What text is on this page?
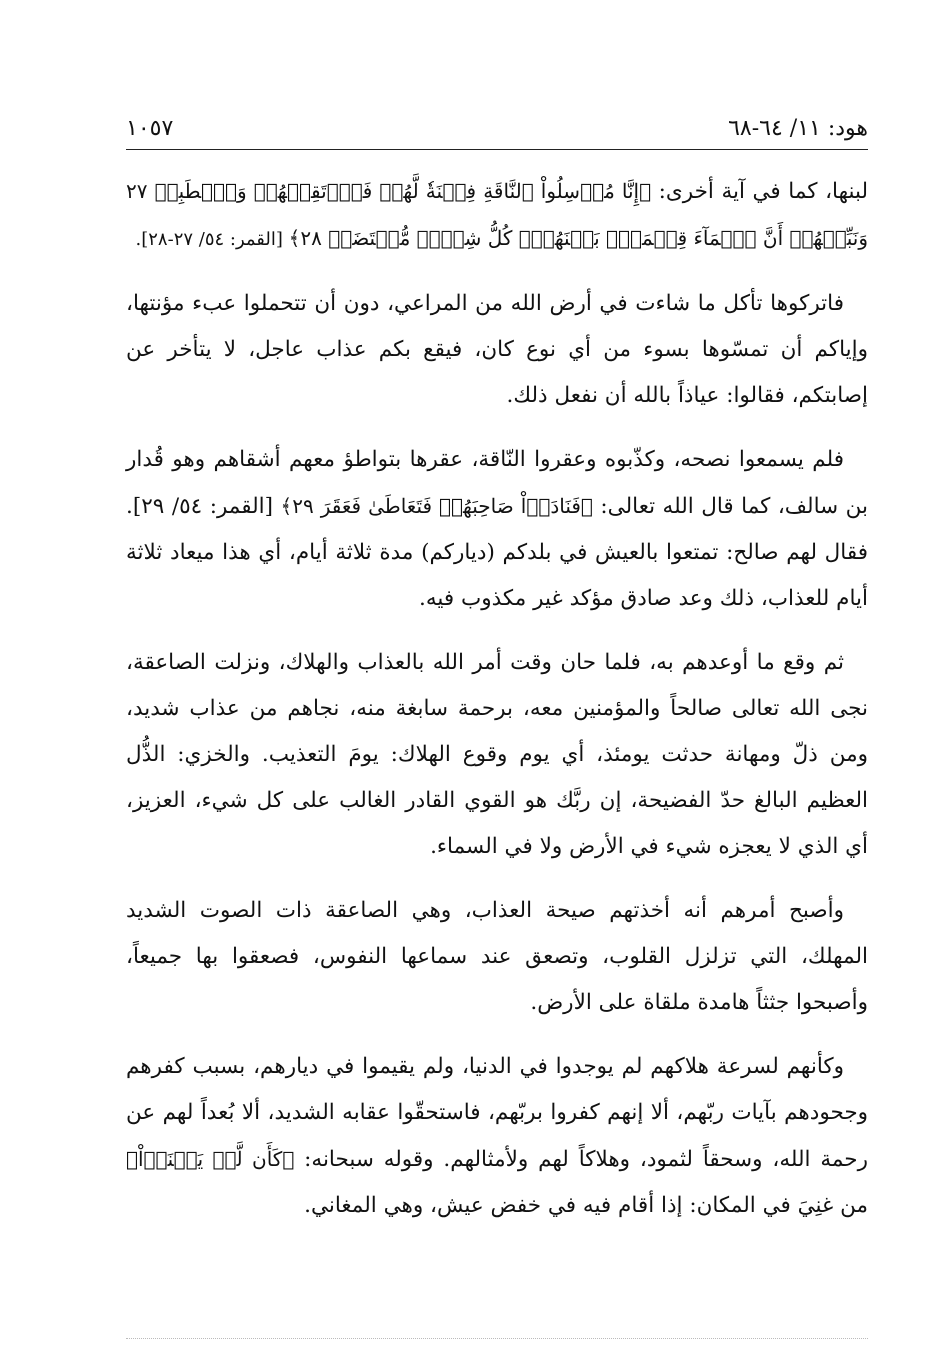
هود: ١١/ ٦٤-٦٨
١٠٥٧

لبنها، كما في آية أخرى: ﴿إِنَّا مُرۡسِلُواْ ٱلنَّاقَةِ فِتۡنَةٗ لَّهُمۡ فَٱرۡتَقِبۡهُمۡ وَٱصۡطَبِرۡ ٢٧ وَنَبِّئۡهُمۡ أَنَّ ٱلۡمَآءَ قِسۡمَةُۢ بَيۡنَهُمۡۖ كُلُّ شِرۡبٖ مُّحۡتَضَرٞ ٢٨﴾ [القمر: ٥٤/ ٢٧-٢٨].

فاتركوها تأكل ما شاءت في أرض الله من المراعي، دون أن تتحملوا عبء مؤنتها، وإياكم أن تمسّوها بسوء من أي نوع كان، فيقع بكم عذاب عاجل، لا يتأخر عن إصابتكم، فقالوا: عياذاً بالله أن نفعل ذلك.

فلم يسمعوا نصحه، وكذّبوه وعقروا النّاقة، عقرها بتواطؤ معهم أشقاهم وهو قُدار بن سالف، كما قال الله تعالى: ﴿فَنَادَوۡاْ صَاحِبَهُمۡ فَتَعَاطَىٰ فَعَقَرَ ٢٩﴾ [القمر: ٥٤/ ٢٩]. فقال لهم صالح: تمتعوا بالعيش في بلدكم (دياركم) مدة ثلاثة أيام، أي هذا ميعاد ثلاثة أيام للعذاب، ذلك وعد صادق مؤكد غير مكذوب فيه.

ثم وقع ما أوعدهم به، فلما حان وقت أمر الله بالعذاب والهلاك، ونزلت الصاعقة، نجى الله تعالى صالحاً والمؤمنين معه، برحمة سابغة منه، نجاهم من عذاب شديد، ومن ذلّ ومهانة حدثت يومئذ، أي يوم وقوع الهلاك: يومَ التعذيب. والخزي: الذُّل العظيم البالغ حدّ الفضيحة، إن ربَّك هو القوي القادر الغالب على كل شيء، العزيز، أي الذي لا يعجزه شيء في الأرض ولا في السماء.

وأصبح أمرهم أنه أخذتهم صيحة العذاب، وهي الصاعقة ذات الصوت الشديد المهلك، التي تزلزل القلوب، وتصعق عند سماعها النفوس، فصعقوا بها جميعاً، وأصبحوا جثثاً هامدة ملقاة على الأرض.

وكأنهم لسرعة هلاكهم لم يوجدوا في الدنيا، ولم يقيموا في ديارهم، بسبب كفرهم وجحودهم بآيات ربّهم، ألا إنهم كفروا بربّهم، فاستحقّوا عقابه الشديد، ألا بُعداً لهم عن رحمة الله، وسحقاً لثمود، وهلاكاً لهم ولأمثالهم. وقوله سبحانه: ﴿كَأَن لَّمۡ يَغۡنَوۡاْ﴾ من غنِيَ في المكان: إذا أقام فيه في خفض عيش، وهي المغاني.
